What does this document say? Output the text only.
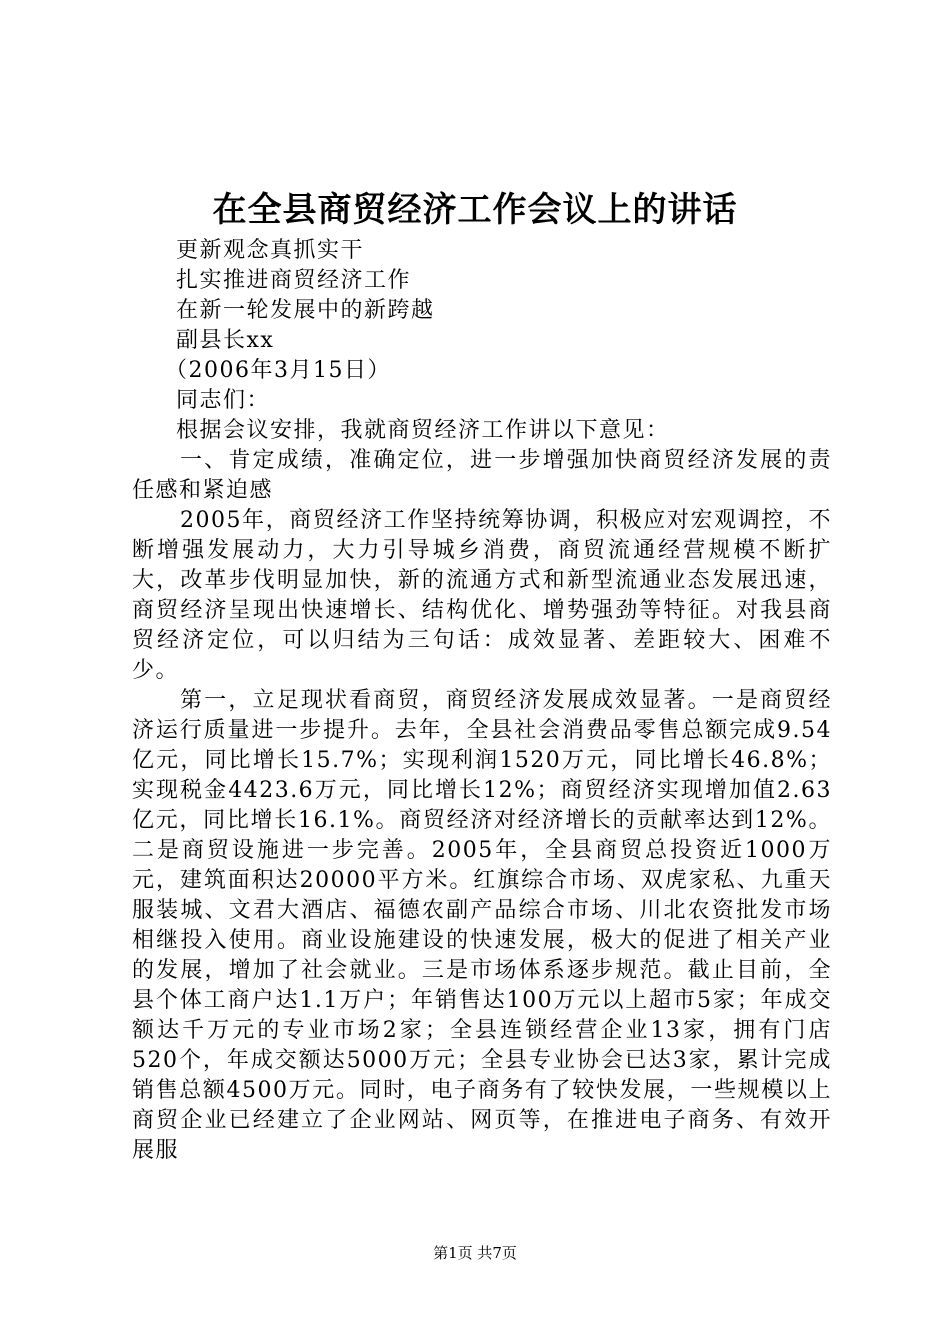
在全县商贸经济工作会议上的讲话

更新观念真抓实干

扎实推进商贸经济工作

在新一轮发展中的新跨越

副县长xx

（2006年3月15日）

同志们：

根据会议安排，我就商贸经济工作讲以下意见：

一、肯定成绩，准确定位，进一步增强加快商贸经济发展的责任感和紧迫感

2005年，商贸经济工作坚持统筹协调，积极应对宏观调控，不断增强发展动力，大力引导城乡消费，商贸流通经营规模不断扩大，改革步伐明显加快，新的流通方式和新型流通业态发展迅速，商贸经济呈现出快速增长、结构优化、增势强劲等特征。对我县商贸经济定位，可以归结为三句话：成效显著、差距较大、困难不少。

第一，立足现状看商贸，商贸经济发展成效显著。一是商贸经济运行质量进一步提升。去年，全县社会消费品零售总额完成9.54亿元，同比增长15.7%；实现利润1520万元，同比增长46.8%；实现税金4423.6万元，同比增长12%；商贸经济实现增加值2.63亿元，同比增长16.1%。商贸经济对经济增长的贡献率达到12%。二是商贸设施进一步完善。2005年，全县商贸总投资近1000万元，建筑面积达20000平方米。红旗综合市场、双虎家私、九重天服装城、文君大酒店、福德农副产品综合市场、川北农资批发市场相继投入使用。商业设施建设的快速发展，极大的促进了相关产业的发展，增加了社会就业。三是市场体系逐步规范。截止目前，全县个体工商户达1.1万户；年销售达100万元以上超市5家；年成交额达千万元的专业市场2家；全县连锁经营企业13家，拥有门店520个，年成交额达5000万元；全县专业协会已达3家，累计完成销售总额4500万元。同时，电子商务有了较快发展，一些规模以上商贸企业已经建立了企业网站、网页等，在推进电子商务、有效开展服

第1页 共7页
